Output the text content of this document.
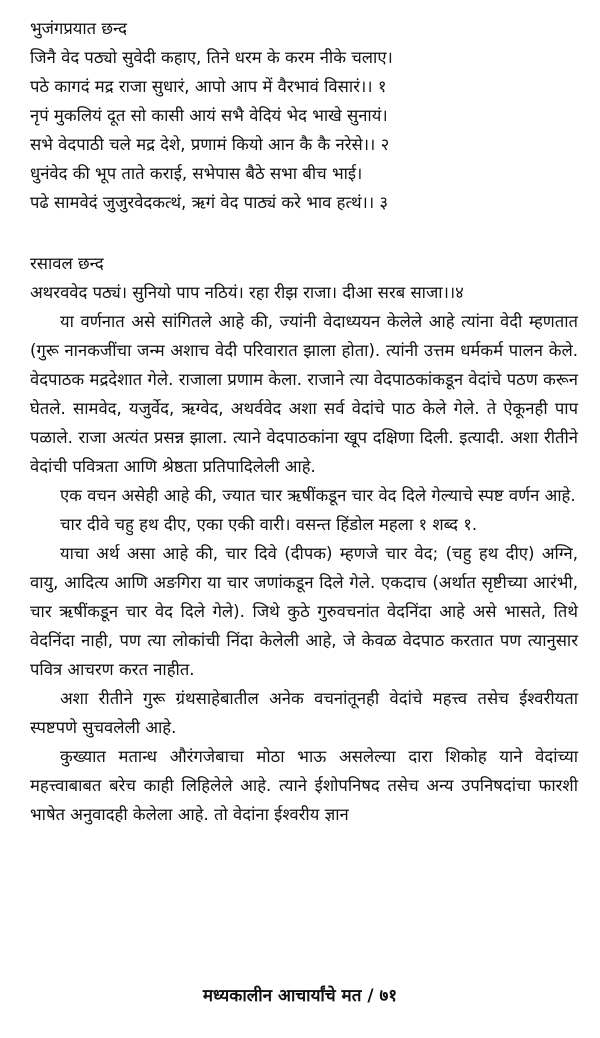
भुजंगप्रयात छन्द

जिनै वेद पठ्यो सुवेदी कहाए, तिने धरम के करम नीके चलाए।

पठे कागदं मद्र राजा सुधारं, आपो आप में वैरभावं विसारं।। १

नृपं मुकलियं दूत सो कासी आयं सभै वेदियं भेद भाखे सुनायं।

सभे वेदपाठी चले मद्र देशे, प्रणामं कियो आन कै कै नरेसे।। २

धुनंवेद की भूप ताते कराई, सभेपास बैठे सभा बीच भाई।

पढे सामवेदं जुजुरवेदकत्थं, ऋगं वेद पाठ्यं करे भाव हत्थं।। ३

रसावल छन्द

अथरववेद पठ्यं। सुनियो पाप नठियं। रहा रीझ राजा। दीआ सरब साजा।।४

या वर्णनात असे सांगितले आहे की, ज्यांनी वेदाध्ययन केलेले आहे त्यांना वेदी म्हणतात (गुरू नानकजींचा जन्म अशाच वेदी परिवारात झाला होता). त्यांनी उत्तम धर्मकर्म पालन केले. वेदपाठक मद्रदेशात गेले. राजाला प्रणाम केला. राजाने त्या वेदपाठकांकडून वेदांचे पठण करून घेतले. सामवेद, यजुर्वेद, ऋग्वेद, अथर्ववेद अशा सर्व वेदांचे पाठ केले गेले. ते ऐकूनही पाप पळाले. राजा अत्यंत प्रसन्न झाला. त्याने वेदपाठकांना खूप दक्षिणा दिली. इत्यादी. अशा रीतीने वेदांची पवित्रता आणि श्रेष्ठता प्रतिपादिलेली आहे.

एक वचन असेही आहे की, ज्यात चार ऋषींकडून चार वेद दिले गेल्याचे स्पष्ट वर्णन आहे.

चार दीवे चहु हथ दीए, एका एकी वारी। वसन्त हिंडोल महला १ शब्द १.

याचा अर्थ असा आहे की, चार दिवे (दीपक) म्हणजे चार वेद; (चहु हथ दीए) अग्नि, वायु, आदित्य आणि अङगिरा या चार जणांकडून दिले गेले. एकदाच (अर्थात सृष्टीच्या आरंभी, चार ऋषींकडून चार वेद दिले गेले). जिथे कुठे गुरुवचनांत वेदनिंदा आहे असे भासते, तिथे वेदनिंदा नाही, पण त्या लोकांची निंदा केलेली आहे, जे केवळ वेदपाठ करतात पण त्यानुसार पवित्र आचरण करत नाहीत.

अशा रीतीने गुरू ग्रंथसाहेबातील अनेक वचनांतूनही वेदांचे महत्त्व तसेच ईश्वरीयता स्पष्टपणे सुचवलेली आहे.

कुख्यात मतान्ध औरंगजेबाचा मोठा भाऊ असलेल्या दारा शिकोह याने वेदांच्या महत्त्वाबाबत बरेच काही लिहिलेले आहे. त्याने ईशोपनिषद तसेच अन्य उपनिषदांचा फारशी भाषेत अनुवादही केलेला आहे. तो वेदांना ईश्वरीय ज्ञान

मध्यकालीन आचार्यांचे मत / ७१
